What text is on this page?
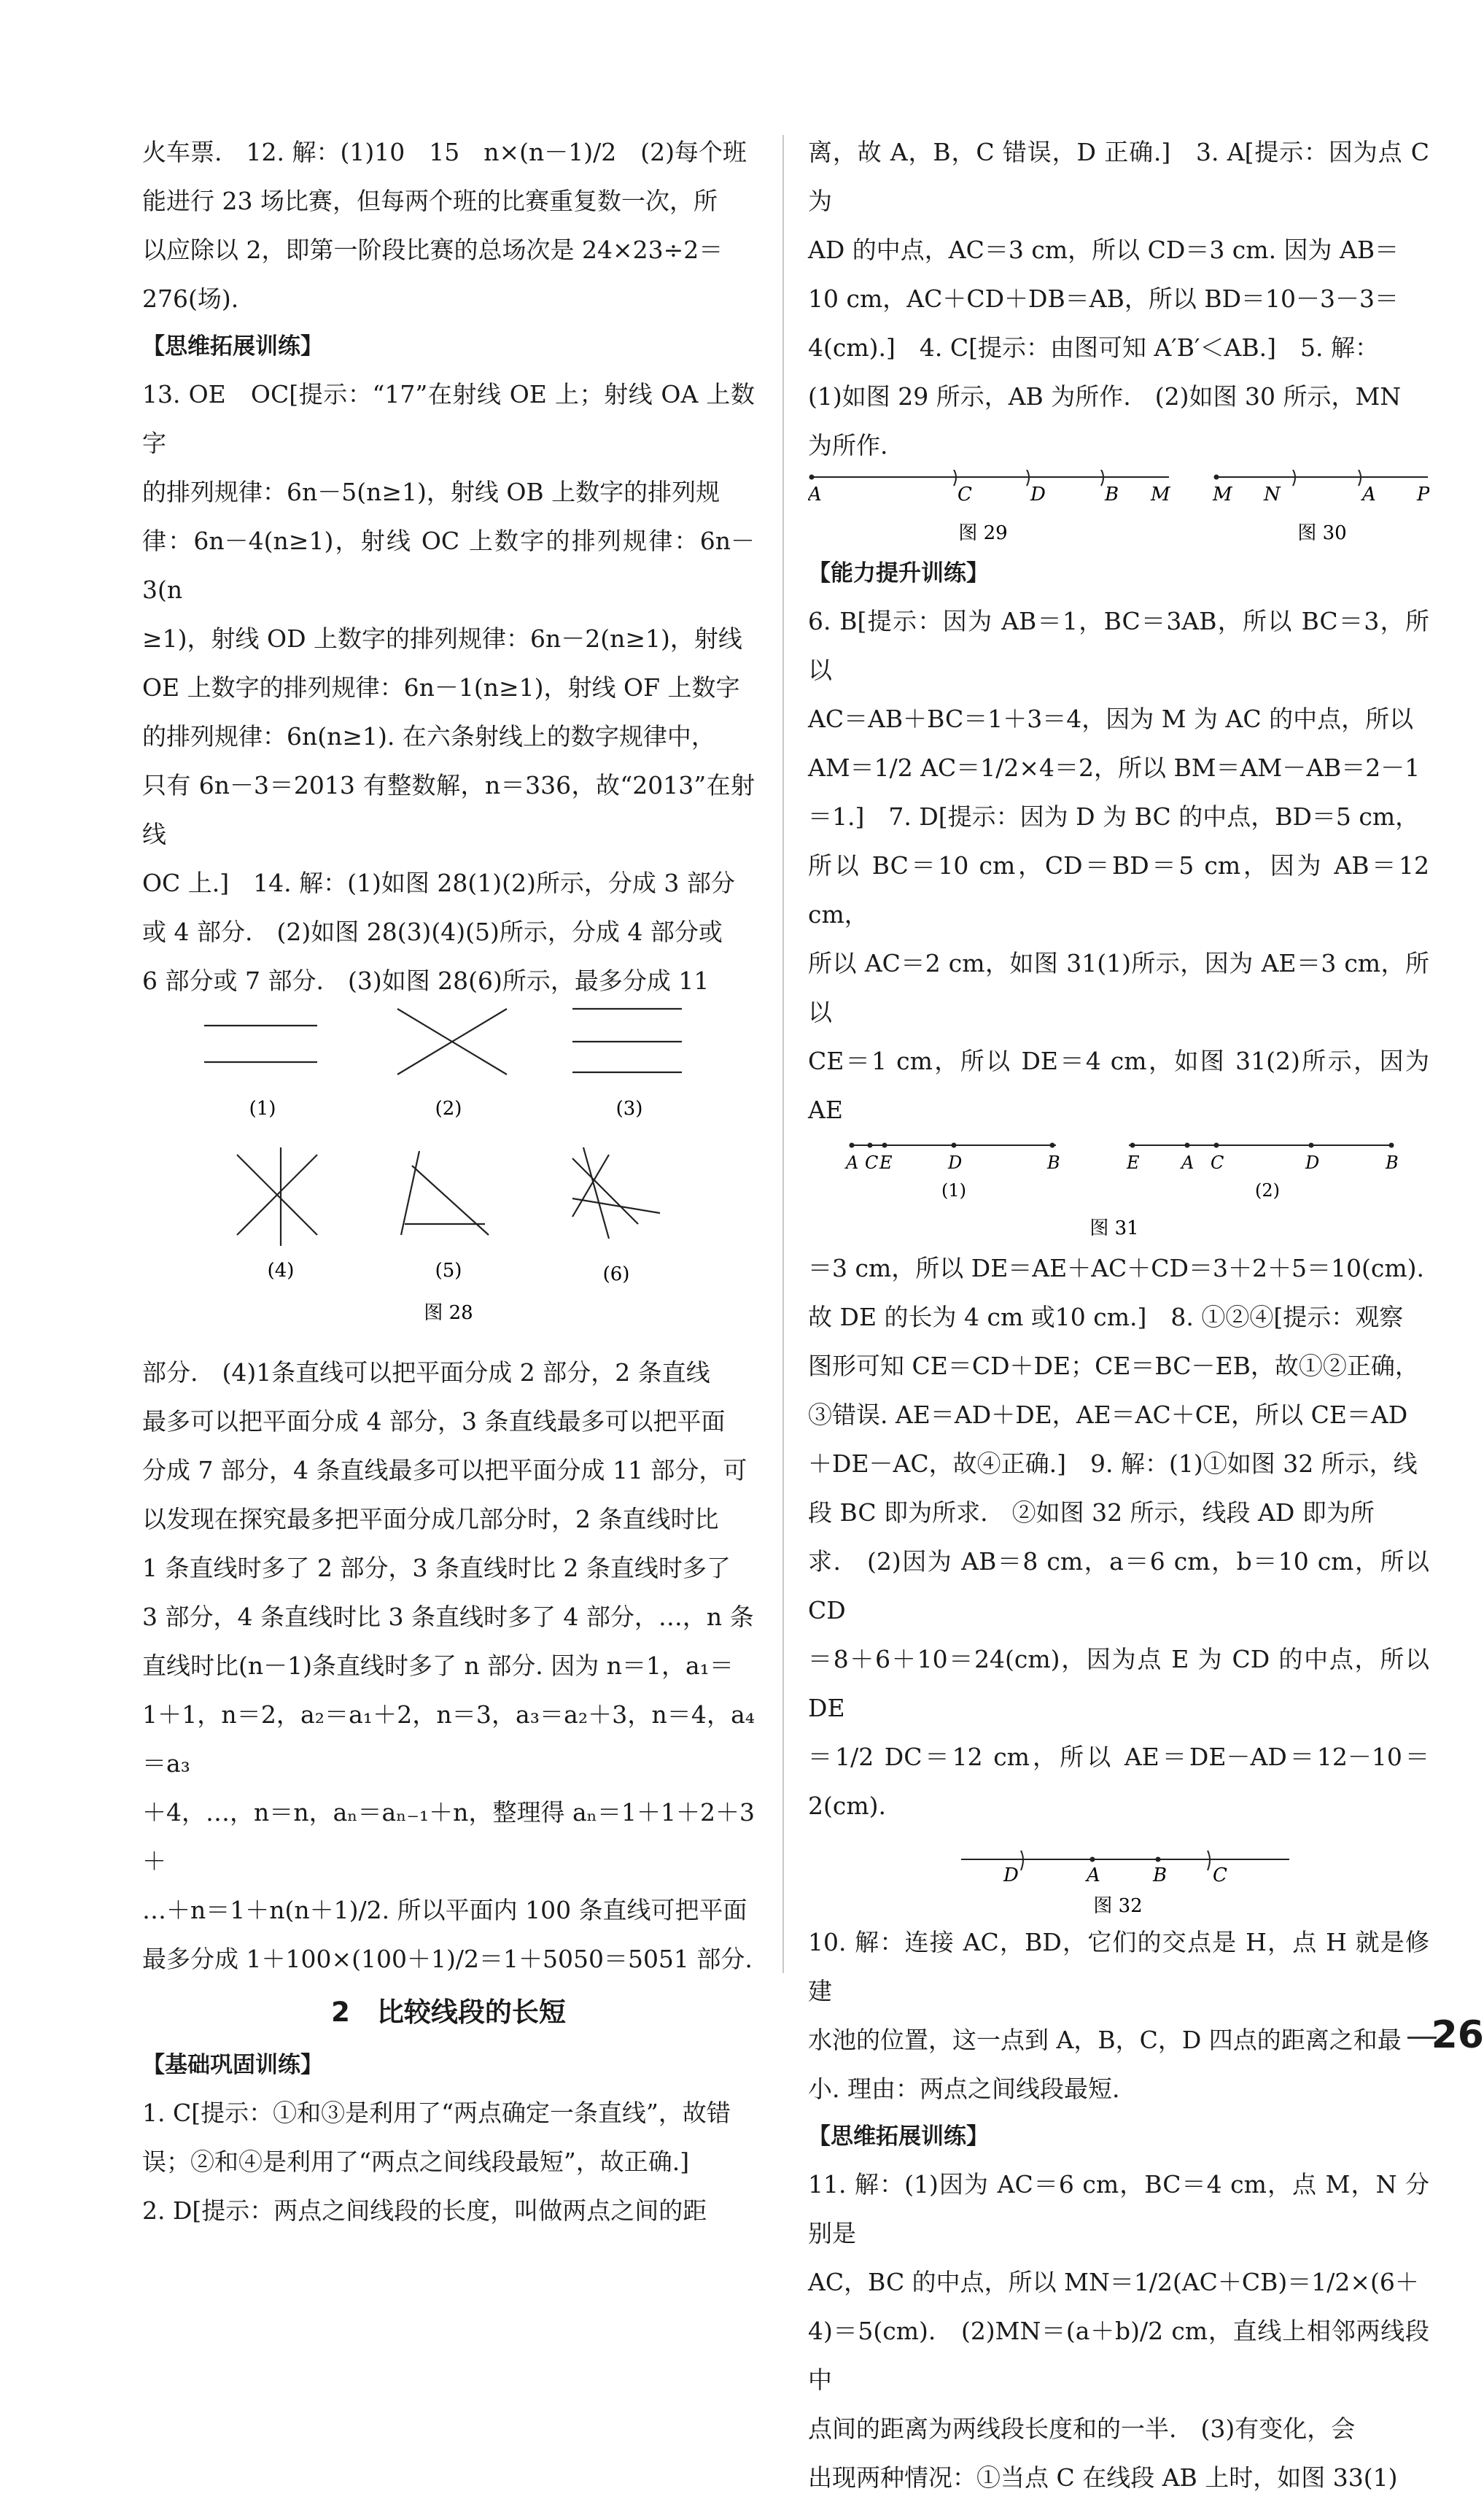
火车票.　12. 解：(1)10　15　n×(n－1)/2　(2)每个班

能进行 23 场比赛，但每两个班的比赛重复数一次，所

以应除以 2，即第一阶段比赛的总场次是 24×23÷2＝

276(场).

【思维拓展训练】

13. OE　OC[提示：“17”在射线 OE 上；射线 OA 上数字

的排列规律：6n－5(n≥1)，射线 OB 上数字的排列规

律：6n－4(n≥1)，射线 OC 上数字的排列规律：6n－3(n

≥1)，射线 OD 上数字的排列规律：6n－2(n≥1)，射线

OE 上数字的排列规律：6n－1(n≥1)，射线 OF 上数字

的排列规律：6n(n≥1). 在六条射线上的数字规律中，

只有 6n－3＝2013 有整数解，n＝336，故“2013”在射线

OC 上.]　14. 解：(1)如图 28(1)(2)所示，分成 3 部分

或 4 部分.　(2)如图 28(3)(4)(5)所示，分成 4 部分或

6 部分或 7 部分.　(3)如图 28(6)所示，最多分成 11

(1)	(2)	(3)
(4)	(5)	(6)
图 28

部分.　(4)1条直线可以把平面分成 2 部分，2 条直线

最多可以把平面分成 4 部分，3 条直线最多可以把平面

分成 7 部分，4 条直线最多可以把平面分成 11 部分，可

以发现在探究最多把平面分成几部分时，2 条直线时比

1 条直线时多了 2 部分，3 条直线时比 2 条直线时多了

3 部分，4 条直线时比 3 条直线时多了 4 部分，…，n 条

直线时比(n－1)条直线时多了 n 部分. 因为 n＝1，a₁＝

1＋1，n＝2，a₂＝a₁＋2，n＝3，a₃＝a₂＋3，n＝4，a₄＝a₃

＋4，…，n＝n，aₙ＝aₙ₋₁＋n，整理得 aₙ＝1＋1＋2＋3＋

…＋n＝1＋n(n＋1)/2. 所以平面内 100 条直线可把平面

最多分成 1＋100×(100＋1)/2＝1＋5050＝5051 部分.

2　比较线段的长短

【基础巩固训练】

1. C[提示：①和③是利用了“两点确定一条直线”，故错

误；②和④是利用了“两点之间线段最短”，故正确.]

2. D[提示：两点之间线段的长度，叫做两点之间的距

离，故 A，B，C 错误，D 正确.]　3. A[提示：因为点 C 为

AD 的中点，AC＝3 cm，所以 CD＝3 cm. 因为 AB＝

10 cm，AC＋CD＋DB＝AB，所以 BD＝10－3－3＝

4(cm).]　4. C[提示：由图可知 A′B′＜AB.]　5. 解：

(1)如图 29 所示，AB 为所作.　(2)如图 30 所示，MN

为所作.

A	C	D	B M M N	A P
图 29	图 30

【能力提升训练】

6. B[提示：因为 AB＝1，BC＝3AB，所以 BC＝3，所以

AC＝AB＋BC＝1＋3＝4，因为 M 为 AC 的中点，所以

AM＝1/2 AC＝1/2×4＝2，所以 BM＝AM－AB＝2－1

＝1.]　7. D[提示：因为 D 为 BC 的中点，BD＝5 cm，

所以 BC＝10 cm，CD＝BD＝5 cm，因为 AB＝12 cm，

所以 AC＝2 cm，如图 31(1)所示，因为 AE＝3 cm，所以

CE＝1 cm，所以 DE＝4 cm，如图 31(2)所示，因为 AE

A C E	D	B	E A C	D	B
(1)	(2)
图 31

＝3 cm，所以 DE＝AE＋AC＋CD＝3＋2＋5＝10(cm).

故 DE 的长为 4 cm 或10 cm.]　8. ①②④[提示：观察

图形可知 CE＝CD＋DE；CE＝BC－EB，故①②正确，

③错误. AE＝AD＋DE，AE＝AC＋CE，所以 CE＝AD

＋DE－AC，故④正确.]　9. 解：(1)①如图 32 所示，线

段 BC 即为所求.　②如图 32 所示，线段 AD 即为所

求.　(2)因为 AB＝8 cm，a＝6 cm，b＝10 cm，所以 CD

＝8＋6＋10＝24(cm)，因为点 E 为 CD 的中点，所以 DE

＝1/2 DC＝12 cm，所以 AE＝DE－AD＝12－10＝2(cm).

D	A	B C
图 32

10. 解：连接 AC，BD，它们的交点是 H，点 H 就是修建

水池的位置，这一点到 A，B，C，D 四点的距离之和最

小. 理由：两点之间线段最短.

【思维拓展训练】

11. 解：(1)因为 AC＝6 cm，BC＝4 cm，点 M，N 分别是

AC，BC 的中点，所以 MN＝1/2(AC＋CB)＝1/2×(6＋

4)＝5(cm).　(2)MN＝(a＋b)/2 cm，直线上相邻两线段中

点间的距离为两线段长度和的一半.　(3)有变化，会

出现两种情况：①当点 C 在线段 AB 上时，如图 33(1)

26
